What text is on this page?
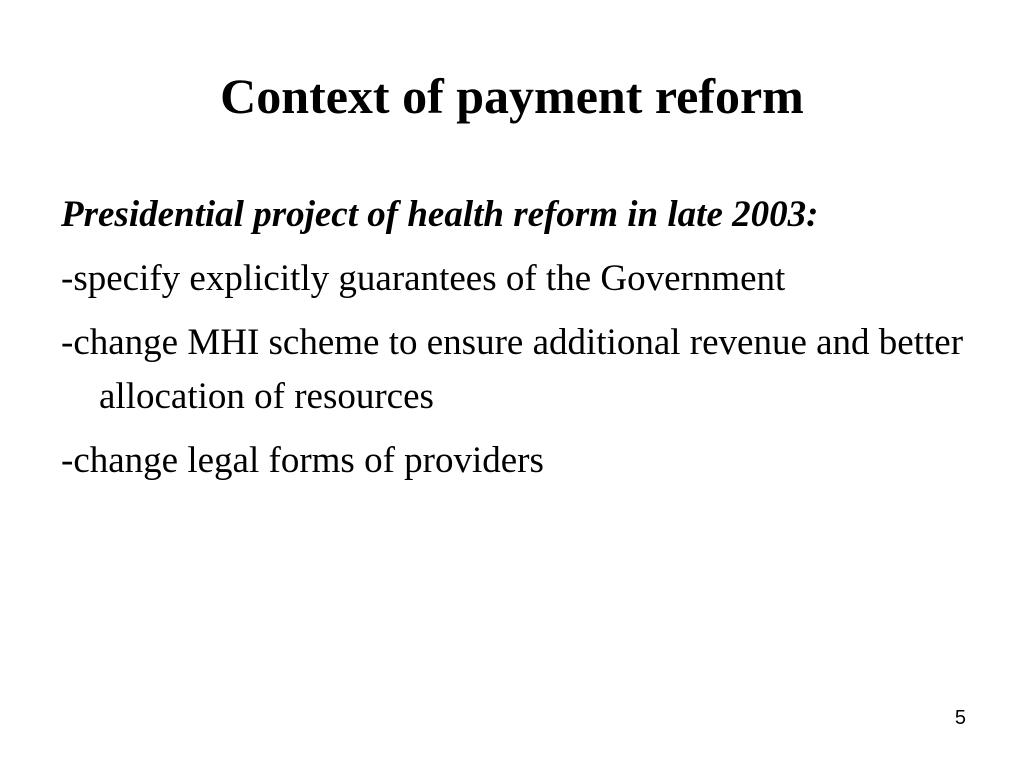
Context of payment reform
Presidential project of health reform in late 2003:
-specify explicitly guarantees of the Government
-change MHI scheme to ensure additional revenue and better allocation of resources
-change legal forms of providers
5
